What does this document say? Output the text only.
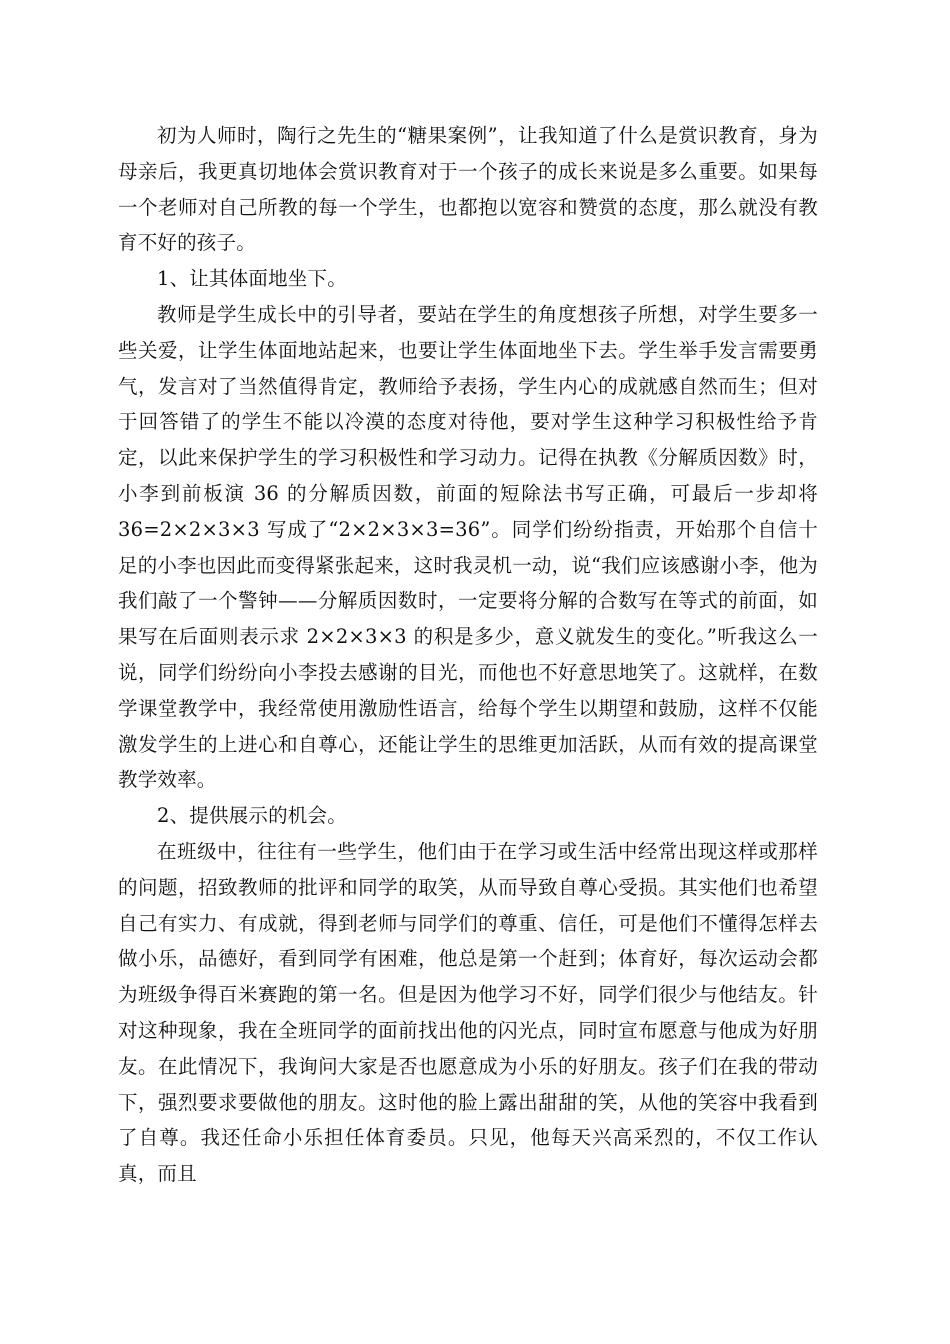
初为人师时，陶行之先生的“糖果案例”，让我知道了什么是赏识教育，身为母亲后，我更真切地体会赏识教育对于一个孩子的成长来说是多么重要。如果每一个老师对自己所教的每一个学生，也都抱以宽容和赞赏的态度，那么就没有教育不好的孩子。

1、让其体面地坐下。

教师是学生成长中的引导者，要站在学生的角度想孩子所想，对学生要多一些关爱，让学生体面地站起来，也要让学生体面地坐下去。学生举手发言需要勇气，发言对了当然值得肯定，教师给予表扬，学生内心的成就感自然而生；但对于回答错了的学生不能以冷漠的态度对待他，要对学生这种学习积极性给予肯定，以此来保护学生的学习积极性和学习动力。记得在执教《分解质因数》时，小李到前板演 36 的分解质因数，前面的短除法书写正确，可最后一步却将 36=2×2×3×3 写成了“2×2×3×3=36”。同学们纷纷指责，开始那个自信十足的小李也因此而变得紧张起来，这时我灵机一动，说“我们应该感谢小李，他为我们敲了一个警钟——分解质因数时，一定要将分解的合数写在等式的前面，如果写在后面则表示求 2×2×3×3 的积是多少，意义就发生的变化。”听我这么一说，同学们纷纷向小李投去感谢的目光，而他也不好意思地笑了。这就样，在数学课堂教学中，我经常使用激励性语言，给每个学生以期望和鼓励，这样不仅能激发学生的上进心和自尊心，还能让学生的思维更加活跃，从而有效的提高课堂教学效率。

2、提供展示的机会。

在班级中，往往有一些学生，他们由于在学习或生活中经常出现这样或那样的问题，招致教师的批评和同学的取笑，从而导致自尊心受损。其实他们也希望自己有实力、有成就，得到老师与同学们的尊重、信任，可是他们不懂得怎样去做小乐，品德好，看到同学有困难，他总是第一个赶到；体育好，每次运动会都为班级争得百米赛跑的第一名。但是因为他学习不好，同学们很少与他结友。针对这种现象，我在全班同学的面前找出他的闪光点，同时宣布愿意与他成为好朋友。在此情况下，我询问大家是否也愿意成为小乐的好朋友。孩子们在我的带动下，强烈要求要做他的朋友。这时他的脸上露出甜甜的笑，从他的笑容中我看到了自尊。我还任命小乐担任体育委员。只见，他每天兴高采烈的，不仅工作认真，而且
